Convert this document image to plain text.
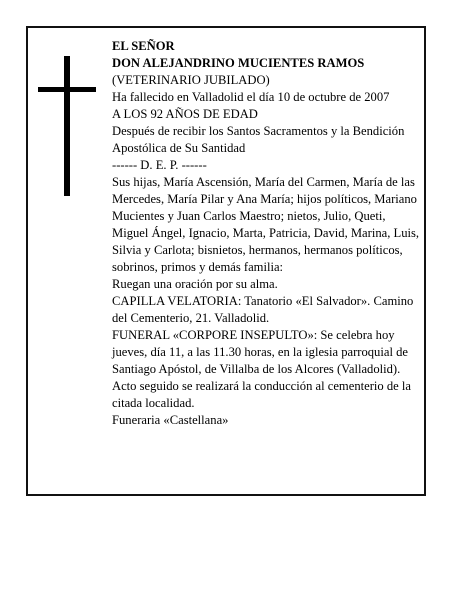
EL SEÑOR
DON ALEJANDRINO MUCIENTES RAMOS
(VETERINARIO JUBILADO)
Ha fallecido en Valladolid el día 10 de octubre de 2007
A LOS 92 AÑOS DE EDAD
Después de recibir los Santos Sacramentos y la Bendición Apostólica de Su Santidad
------ D. E. P. ------
Sus hijas, María Ascensión, María del Carmen, María de las Mercedes, María Pilar y Ana María; hijos políticos, Mariano Mucientes y Juan Carlos Maestro; nietos, Julio, Queti, Miguel Ángel, Ignacio, Marta, Patricia, David, Marina, Luis, Silvia y Carlota; bisnietos, hermanos, hermanos políticos, sobrinos, primos y demás familia:
Ruegan una oración por su alma.
CAPILLA VELATORIA: Tanatorio «El Salvador». Camino del Cementerio, 21. Valladolid.
FUNERAL «CORPORE INSEPULTO»: Se celebra hoy jueves, día 11, a las 11.30 horas, en la iglesia parroquial de Santiago Apóstol, de Villalba de los Alcores (Valladolid). Acto seguido se realizará la conducción al cementerio de la citada localidad.
Funeraria «Castellana»
